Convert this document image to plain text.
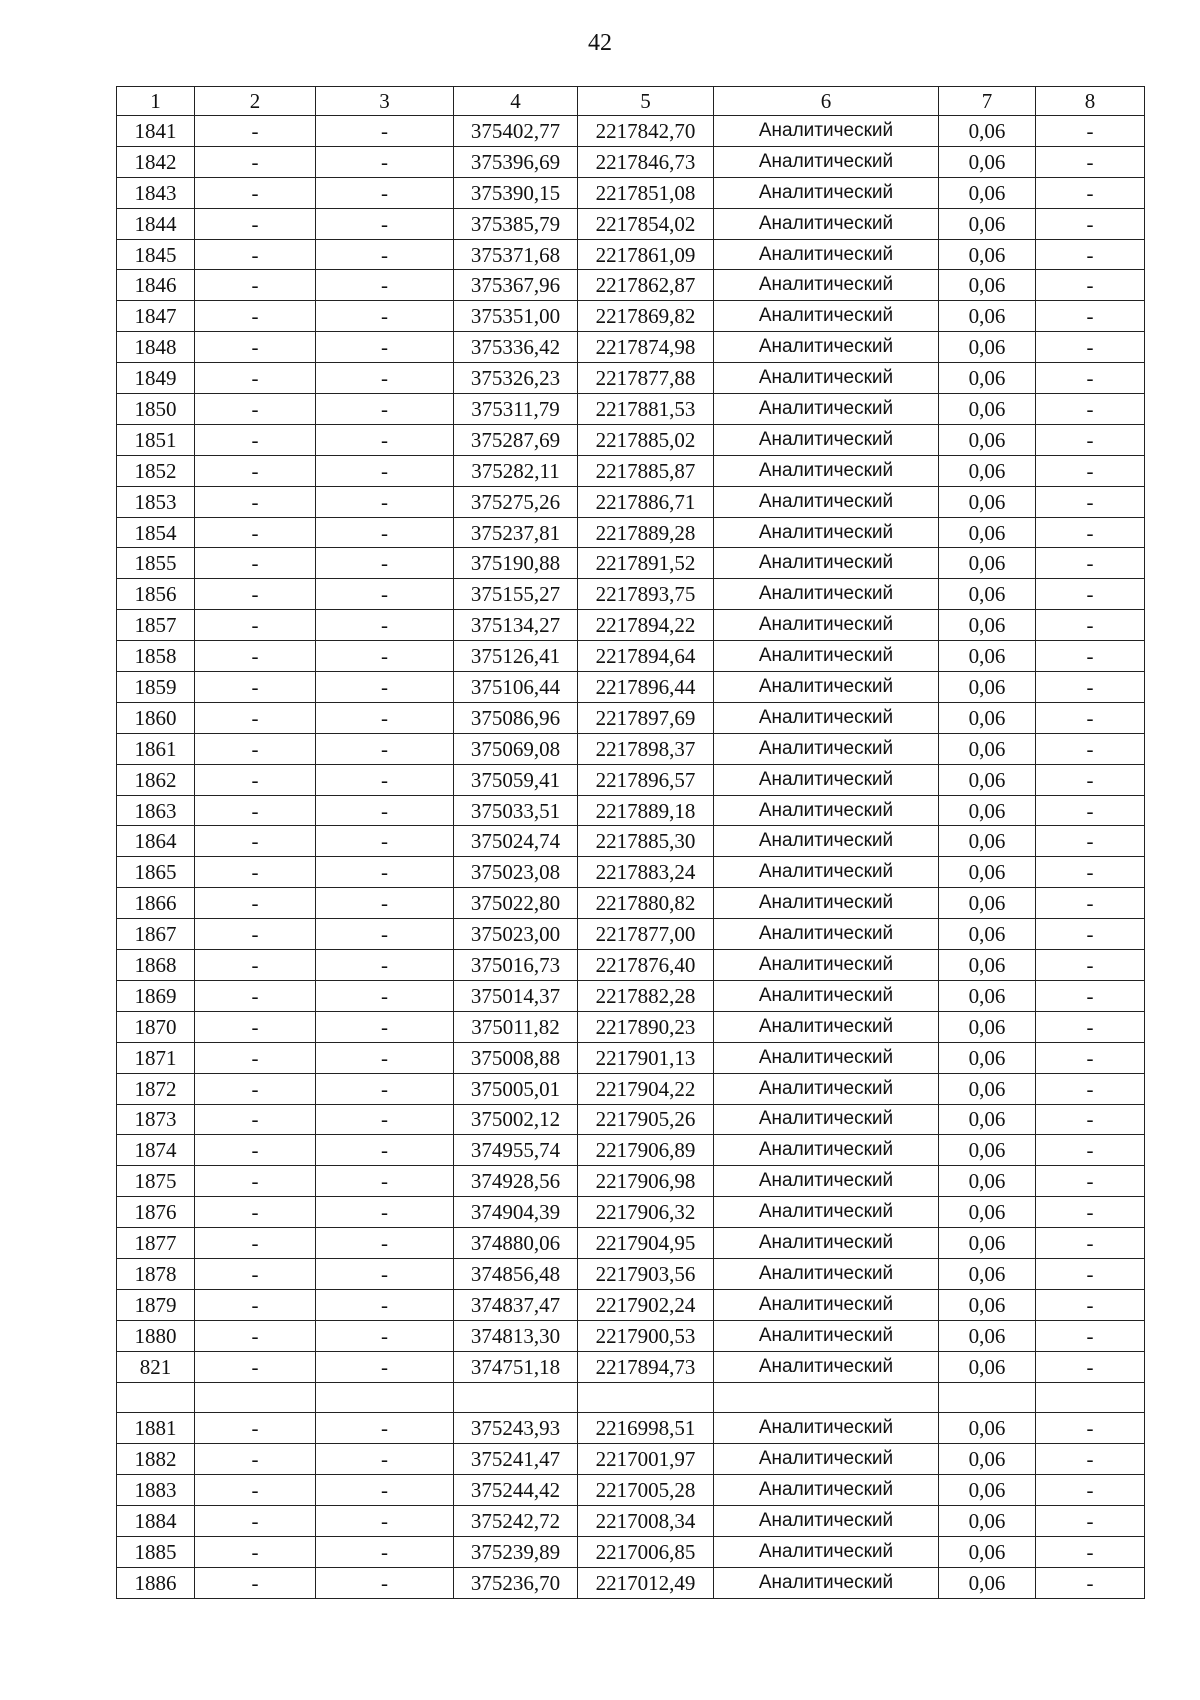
42
1	2	3	4	5	6	7	8
1841	-	-	375402,77	2217842,70	Аналитический	0,06	-
1842	-	-	375396,69	2217846,73	Аналитический	0,06	-
1843	-	-	375390,15	2217851,08	Аналитический	0,06	-
1844	-	-	375385,79	2217854,02	Аналитический	0,06	-
1845	-	-	375371,68	2217861,09	Аналитический	0,06	-
1846	-	-	375367,96	2217862,87	Аналитический	0,06	-
1847	-	-	375351,00	2217869,82	Аналитический	0,06	-
1848	-	-	375336,42	2217874,98	Аналитический	0,06	-
1849	-	-	375326,23	2217877,88	Аналитический	0,06	-
1850	-	-	375311,79	2217881,53	Аналитический	0,06	-
1851	-	-	375287,69	2217885,02	Аналитический	0,06	-
1852	-	-	375282,11	2217885,87	Аналитический	0,06	-
1853	-	-	375275,26	2217886,71	Аналитический	0,06	-
1854	-	-	375237,81	2217889,28	Аналитический	0,06	-
1855	-	-	375190,88	2217891,52	Аналитический	0,06	-
1856	-	-	375155,27	2217893,75	Аналитический	0,06	-
1857	-	-	375134,27	2217894,22	Аналитический	0,06	-
1858	-	-	375126,41	2217894,64	Аналитический	0,06	-
1859	-	-	375106,44	2217896,44	Аналитический	0,06	-
1860	-	-	375086,96	2217897,69	Аналитический	0,06	-
1861	-	-	375069,08	2217898,37	Аналитический	0,06	-
1862	-	-	375059,41	2217896,57	Аналитический	0,06	-
1863	-	-	375033,51	2217889,18	Аналитический	0,06	-
1864	-	-	375024,74	2217885,30	Аналитический	0,06	-
1865	-	-	375023,08	2217883,24	Аналитический	0,06	-
1866	-	-	375022,80	2217880,82	Аналитический	0,06	-
1867	-	-	375023,00	2217877,00	Аналитический	0,06	-
1868	-	-	375016,73	2217876,40	Аналитический	0,06	-
1869	-	-	375014,37	2217882,28	Аналитический	0,06	-
1870	-	-	375011,82	2217890,23	Аналитический	0,06	-
1871	-	-	375008,88	2217901,13	Аналитический	0,06	-
1872	-	-	375005,01	2217904,22	Аналитический	0,06	-
1873	-	-	375002,12	2217905,26	Аналитический	0,06	-
1874	-	-	374955,74	2217906,89	Аналитический	0,06	-
1875	-	-	374928,56	2217906,98	Аналитический	0,06	-
1876	-	-	374904,39	2217906,32	Аналитический	0,06	-
1877	-	-	374880,06	2217904,95	Аналитический	0,06	-
1878	-	-	374856,48	2217903,56	Аналитический	0,06	-
1879	-	-	374837,47	2217902,24	Аналитический	0,06	-
1880	-	-	374813,30	2217900,53	Аналитический	0,06	-
821	-	-	374751,18	2217894,73	Аналитический	0,06	-

1881	-	-	375243,93	2216998,51	Аналитический	0,06	-
1882	-	-	375241,47	2217001,97	Аналитический	0,06	-
1883	-	-	375244,42	2217005,28	Аналитический	0,06	-
1884	-	-	375242,72	2217008,34	Аналитический	0,06	-
1885	-	-	375239,89	2217006,85	Аналитический	0,06	-
1886	-	-	375236,70	2217012,49	Аналитический	0,06	-
